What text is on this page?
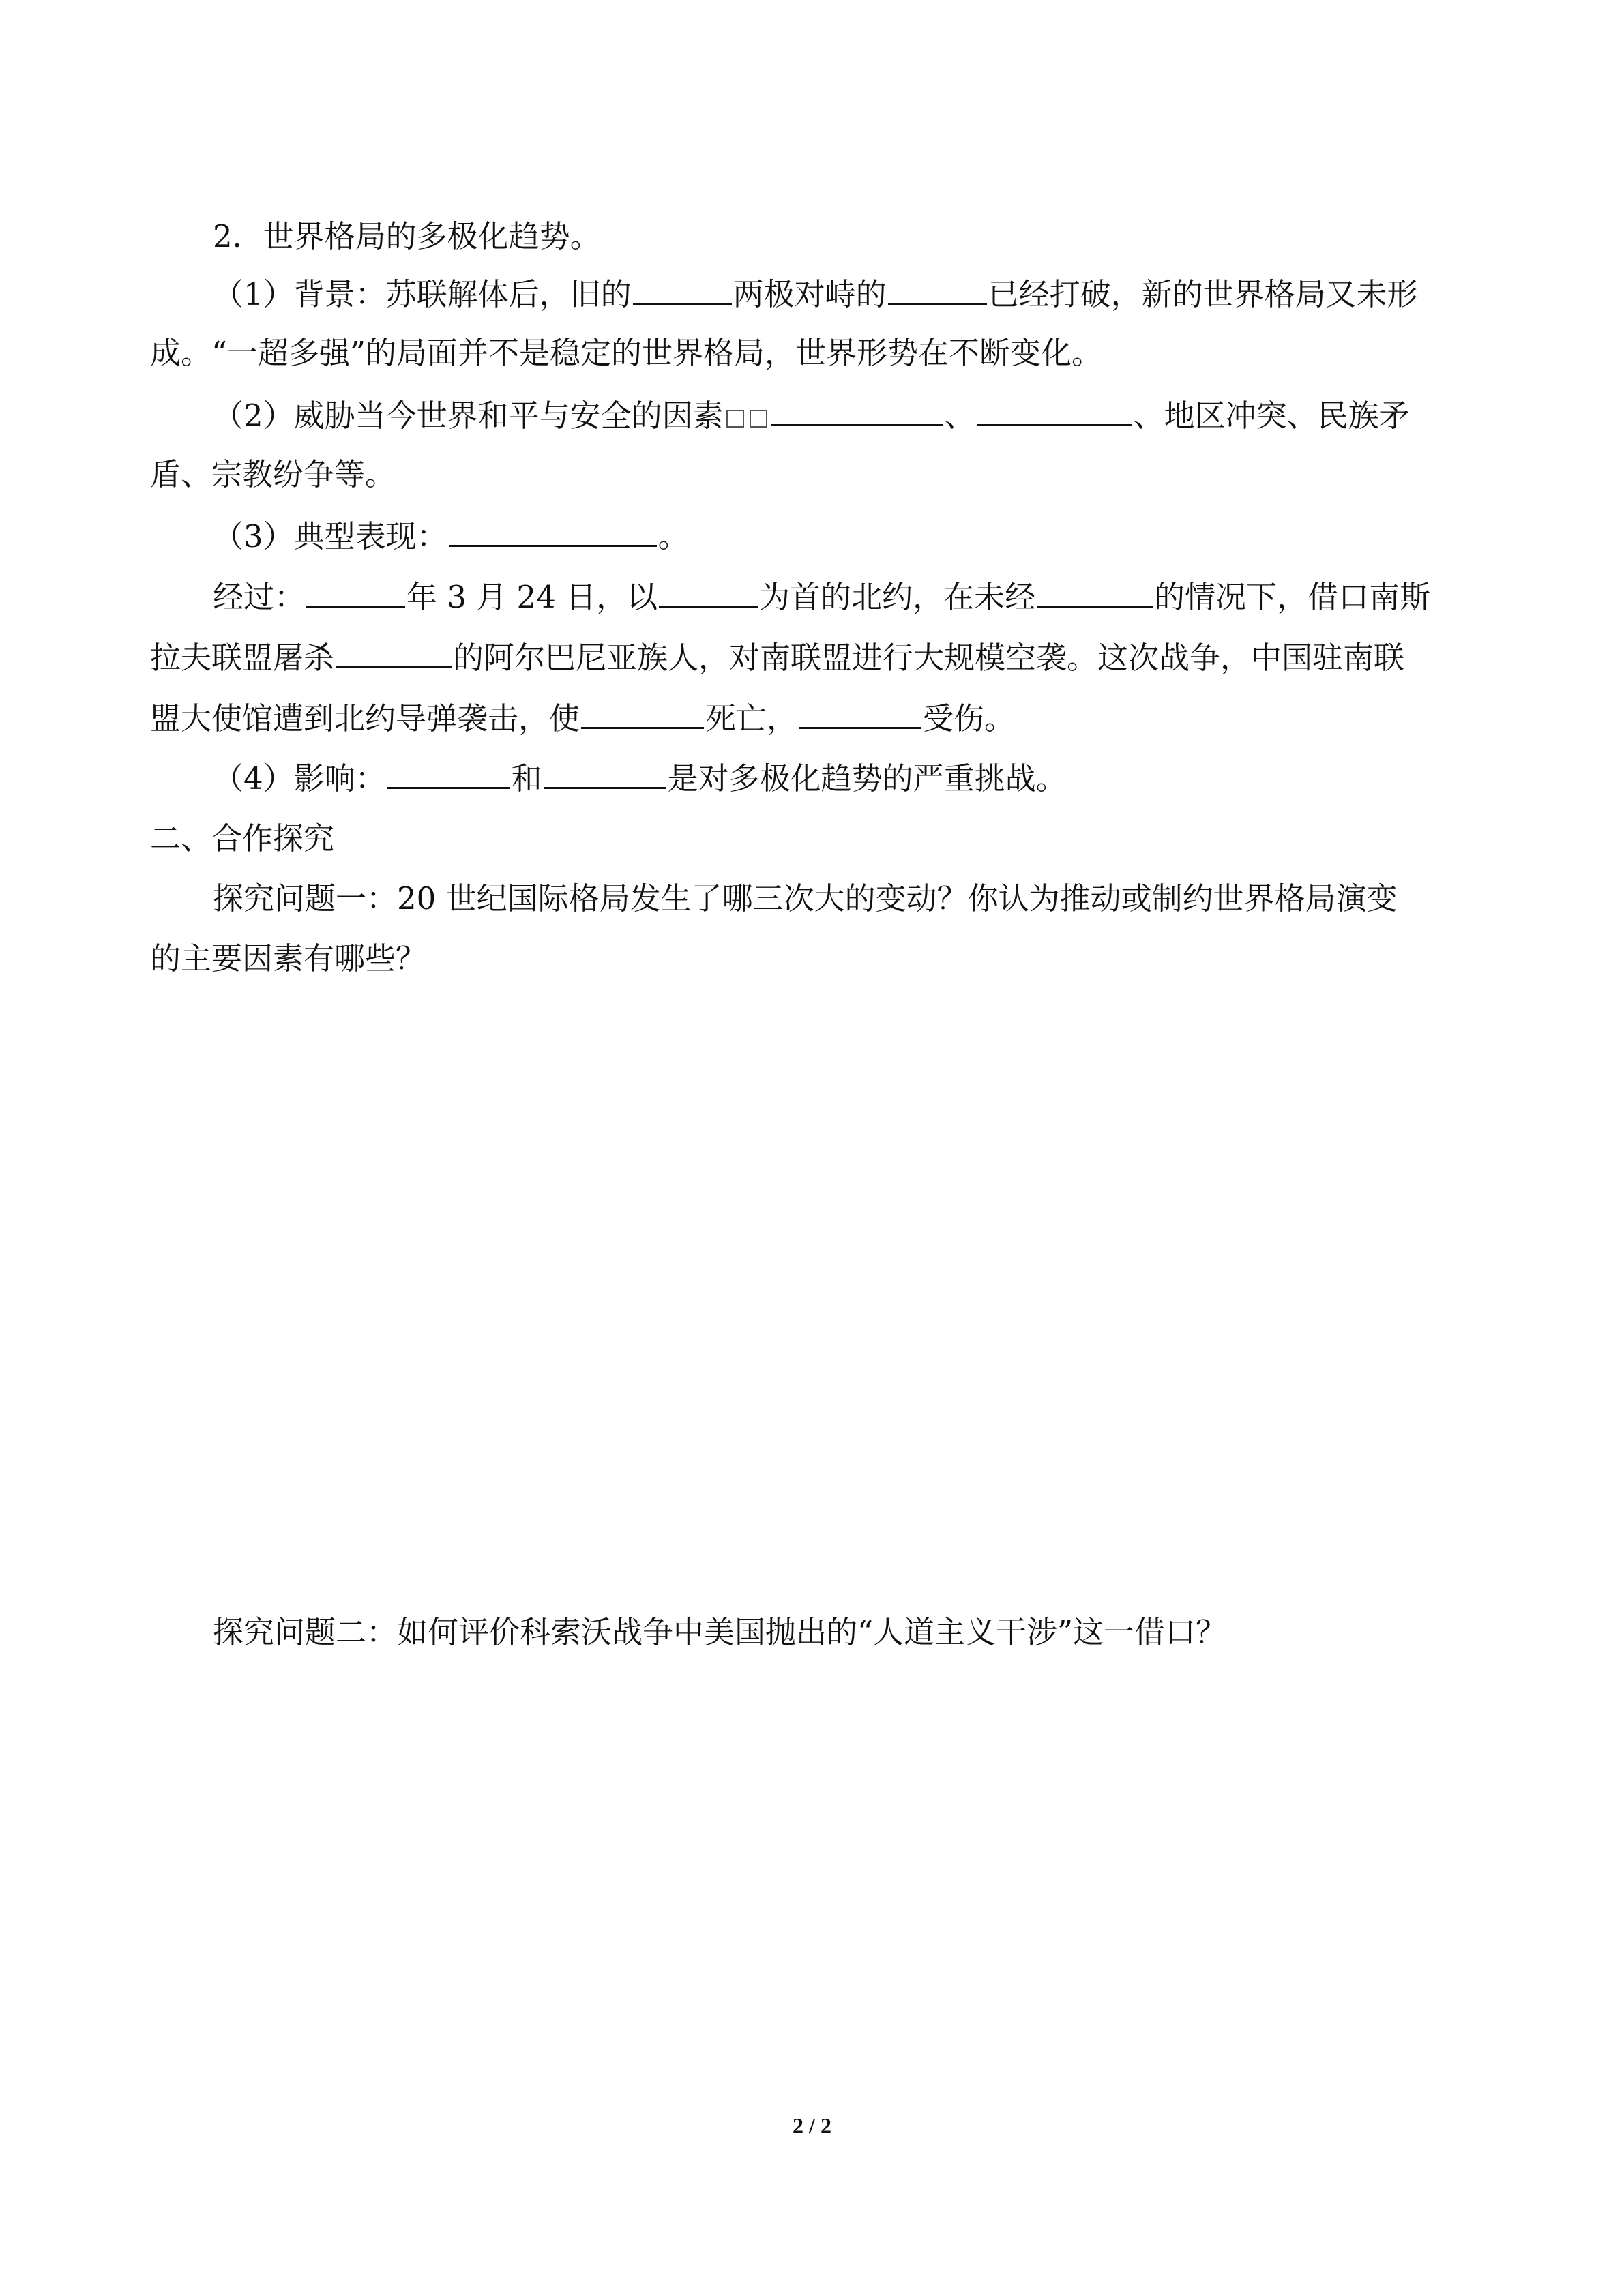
2．世界格局的多极化趋势。
（1）背景：苏联解体后，旧的	两极对峙的	已经打破，新的世界格局又未形
成。“一超多强”的局面并不是稳定的世界格局，世界形势在不断变化。
（2）威胁当今世界和平与安全的因素	、	、地区冲突、民族矛
盾、宗教纷争等。
（3）典型表现：	。
经过：	年 3 月 24 日，以	为首的北约，在未经	的情况下，借口南斯
拉夫联盟屠杀	的阿尔巴尼亚族人，对南联盟进行大规模空袭。这次战争，中国驻南联
盟大使馆遭到北约导弹袭击，使	死亡，	受伤。
（4）影响：	和	是对多极化趋势的严重挑战。
二、合作探究
探究问题一：20 世纪国际格局发生了哪三次大的变动？你认为推动或制约世界格局演变
的主要因素有哪些？
探究问题二：如何评价科索沃战争中美国抛出的“人道主义干涉”这一借口？
2 / 2
